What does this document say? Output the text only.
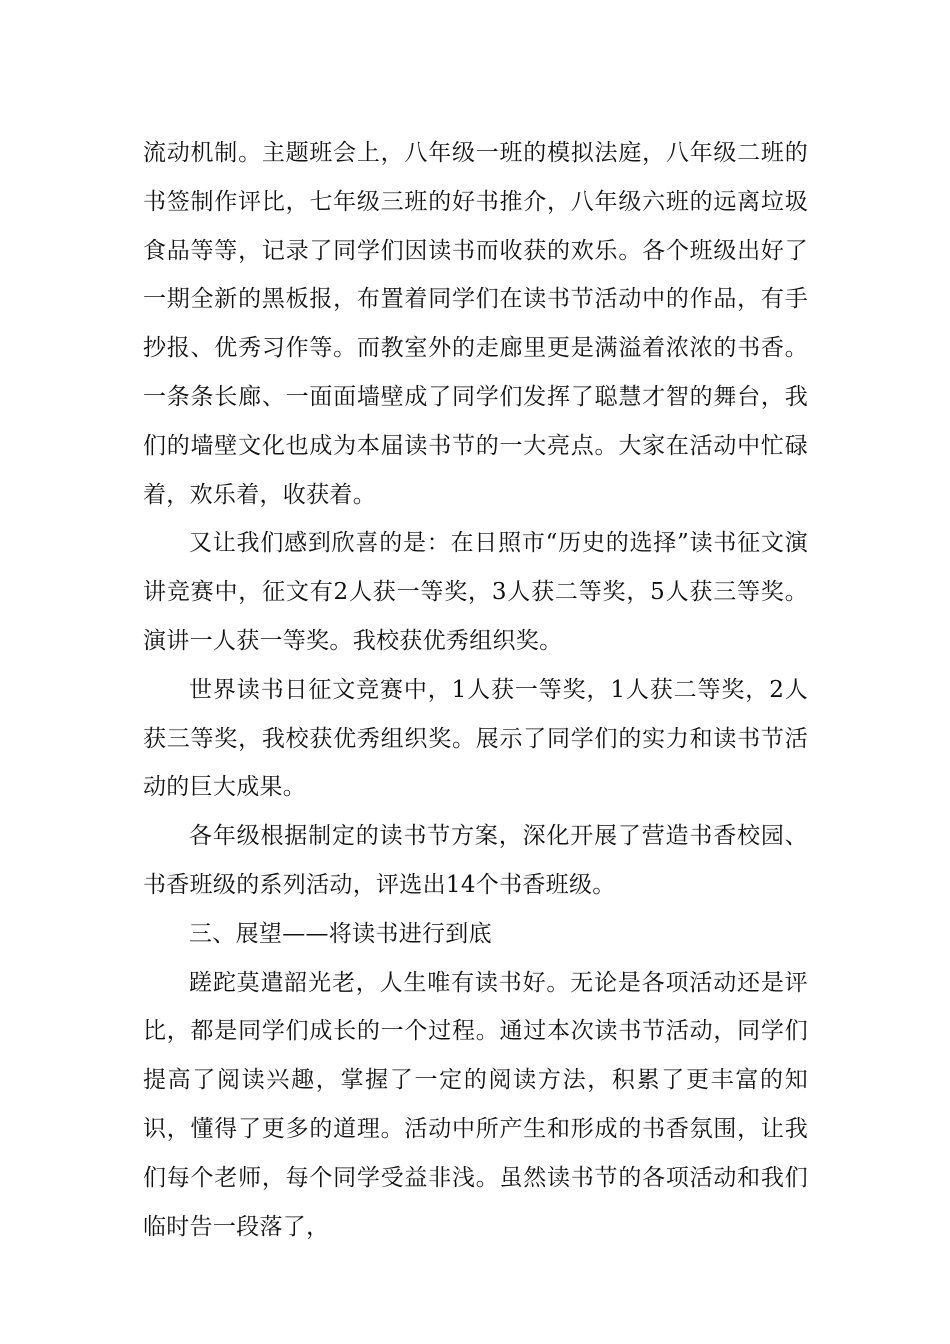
流动机制。主题班会上，八年级一班的模拟法庭，八年级二班的书签制作评比，七年级三班的好书推介，八年级六班的远离垃圾食品等等，记录了同学们因读书而收获的欢乐。各个班级出好了一期全新的黑板报，布置着同学们在读书节活动中的作品，有手抄报、优秀习作等。而教室外的走廊里更是满溢着浓浓的书香。一条条长廊、一面面墙壁成了同学们发挥了聪慧才智的舞台，我们的墙壁文化也成为本届读书节的一大亮点。大家在活动中忙碌着，欢乐着，收获着。

又让我们感到欣喜的是：在日照市“历史的选择”读书征文演讲竞赛中，征文有2人获一等奖，3人获二等奖，5人获三等奖。演讲一人获一等奖。我校获优秀组织奖。

世界读书日征文竞赛中，1人获一等奖，1人获二等奖，2人获三等奖，我校获优秀组织奖。展示了同学们的实力和读书节活动的巨大成果。

各年级根据制定的读书节方案，深化开展了营造书香校园、书香班级的系列活动，评选出14个书香班级。

三、展望——将读书进行到底

蹉跎莫遣韶光老，人生唯有读书好。无论是各项活动还是评比，都是同学们成长的一个过程。通过本次读书节活动，同学们提高了阅读兴趣，掌握了一定的阅读方法，积累了更丰富的知识，懂得了更多的道理。活动中所产生和形成的书香氛围，让我们每个老师，每个同学受益非浅。虽然读书节的各项活动和我们临时告一段落了，
